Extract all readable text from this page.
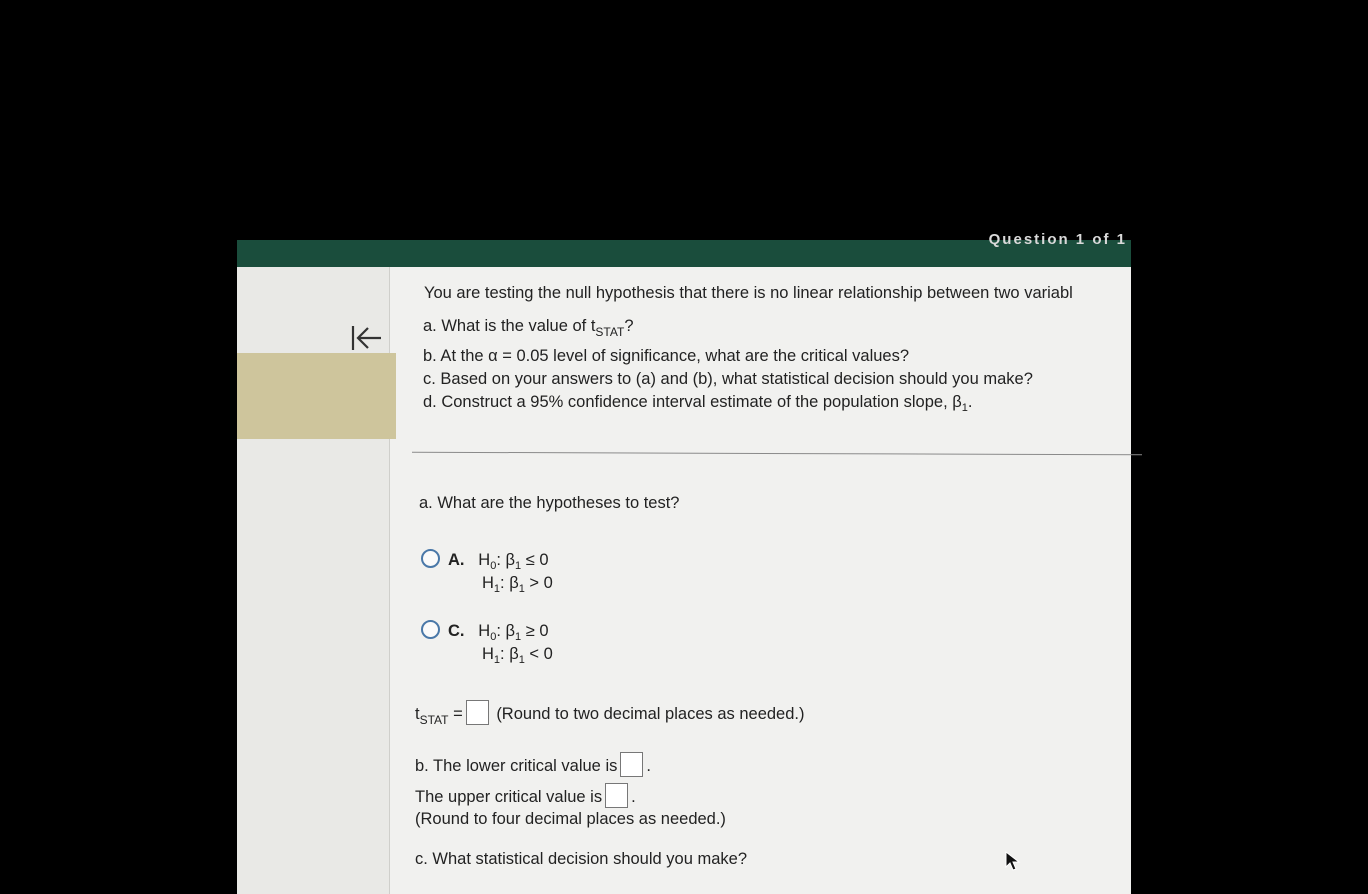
Question 1 of 1
You are testing the null hypothesis that there is no linear relationship between two variabl
a. What is the value of $t_{STAT}$?
b. At the α = 0.05 level of significance, what are the critical values?
c. Based on your answers to (a) and (b), what statistical decision should you make?
d. Construct a 95% confidence interval estimate of the population slope, $\beta_1$.
a. What are the hypotheses to test?
A. $H_0$: $\beta_1 \le 0$
$H_1$: $\beta_1 > 0$
C. $H_0$: $\beta_1 \ge 0$
$H_1$: $\beta_1 < 0$
$t_{STAT}$ = (Round to two decimal places as needed.)
b. The lower critical value is .
The upper critical value is .
(Round to four decimal places as needed.)
c. What statistical decision should you make?
